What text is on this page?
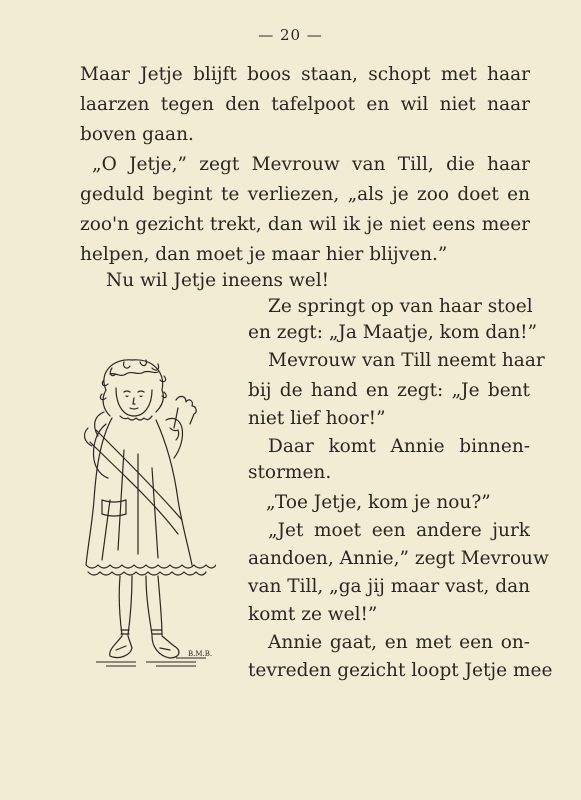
— 20 —
Maar Jetje blijft boos staan, schopt met haar
laarzen tegen den tafelpoot en wil niet naar
boven gaan.
„O Jetje,” zegt Mevrouw van Till, die haar
geduld begint te verliezen, „als je zoo doet en
zoo'n gezicht trekt, dan wil ik je niet eens meer
helpen, dan moet je maar hier blijven.”
Nu wil Jetje ineens wel!
Ze springt op van haar stoel
en zegt: „Ja Maatje, kom dan!”
Mevrouw van Till neemt haar
bij de hand en zegt: „Je bent
niet lief hoor!”
Daar komt Annie binnen-
stormen.
„Toe Jetje, kom je nou?”
„Jet moet een andere jurk
aandoen, Annie,” zegt Mevrouw
van Till, „ga jij maar vast, dan
komt ze wel!”
Annie gaat, en met een on-
tevreden gezicht loopt Jetje mee
B.M.B.
